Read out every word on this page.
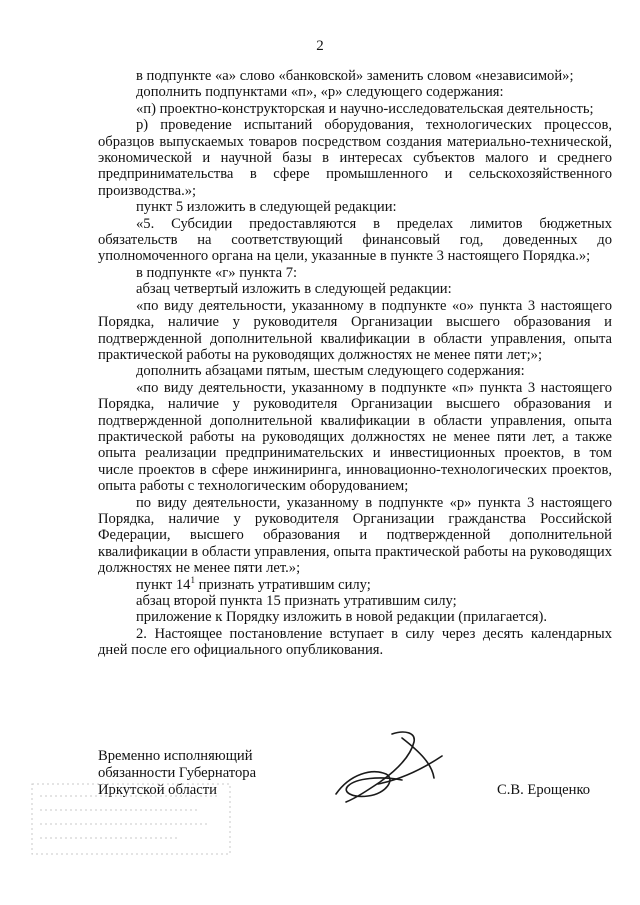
2

в подпункте «а» слово «банковской» заменить словом «независимой»;

дополнить подпунктами «п», «р» следующего содержания:

«п) проектно-конструкторская и научно-исследовательская деятельность;

р) проведение испытаний оборудования, технологических процессов, образцов выпускаемых товаров посредством создания материально-технической, экономической и научной базы в интересах субъектов малого и среднего предпринимательства в сфере промышленного и сельскохозяйственного производства.»;

пункт 5 изложить в следующей редакции:

«5. Субсидии предоставляются в пределах лимитов бюджетных обязательств на соответствующий финансовый год, доведенных до уполномоченного органа на цели, указанные в пункте 3 настоящего Порядка.»;

в подпункте «г» пункта 7:

абзац четвертый изложить в следующей редакции:

«по виду деятельности, указанному в подпункте «о» пункта 3 настоящего Порядка, наличие у руководителя Организации высшего образования и подтвержденной дополнительной квалификации в области управления, опыта практической работы на руководящих должностях не менее пяти лет;»;

дополнить абзацами пятым, шестым следующего содержания:

«по виду деятельности, указанному в подпункте «п» пункта 3 настоящего Порядка, наличие у руководителя Организации высшего образования и подтвержденной дополнительной квалификации в области управления, опыта практической работы на руководящих должностях не менее пяти лет, а также опыта реализации предпринимательских и инвестиционных проектов, в том числе проектов в сфере инжиниринга, инновационно-технологических проектов, опыта работы с технологическим оборудованием;

по виду деятельности, указанному в подпункте «р» пункта 3 настоящего Порядка, наличие у руководителя Организации гражданства Российской Федерации, высшего образования и подтвержденной дополнительной квалификации в области управления, опыта практической работы на руководящих должностях не менее пяти лет.»;

пункт $14^1$ признать утратившим силу;

абзац второй пункта 15 признать утратившим силу;

приложение к Порядку изложить в новой редакции (прилагается).

2. Настоящее постановление вступает в силу через десять календарных дней после его официального опубликования.

Временно исполняющий
обязанности Губернатора
Иркутской области	С.В. Ерощенко
